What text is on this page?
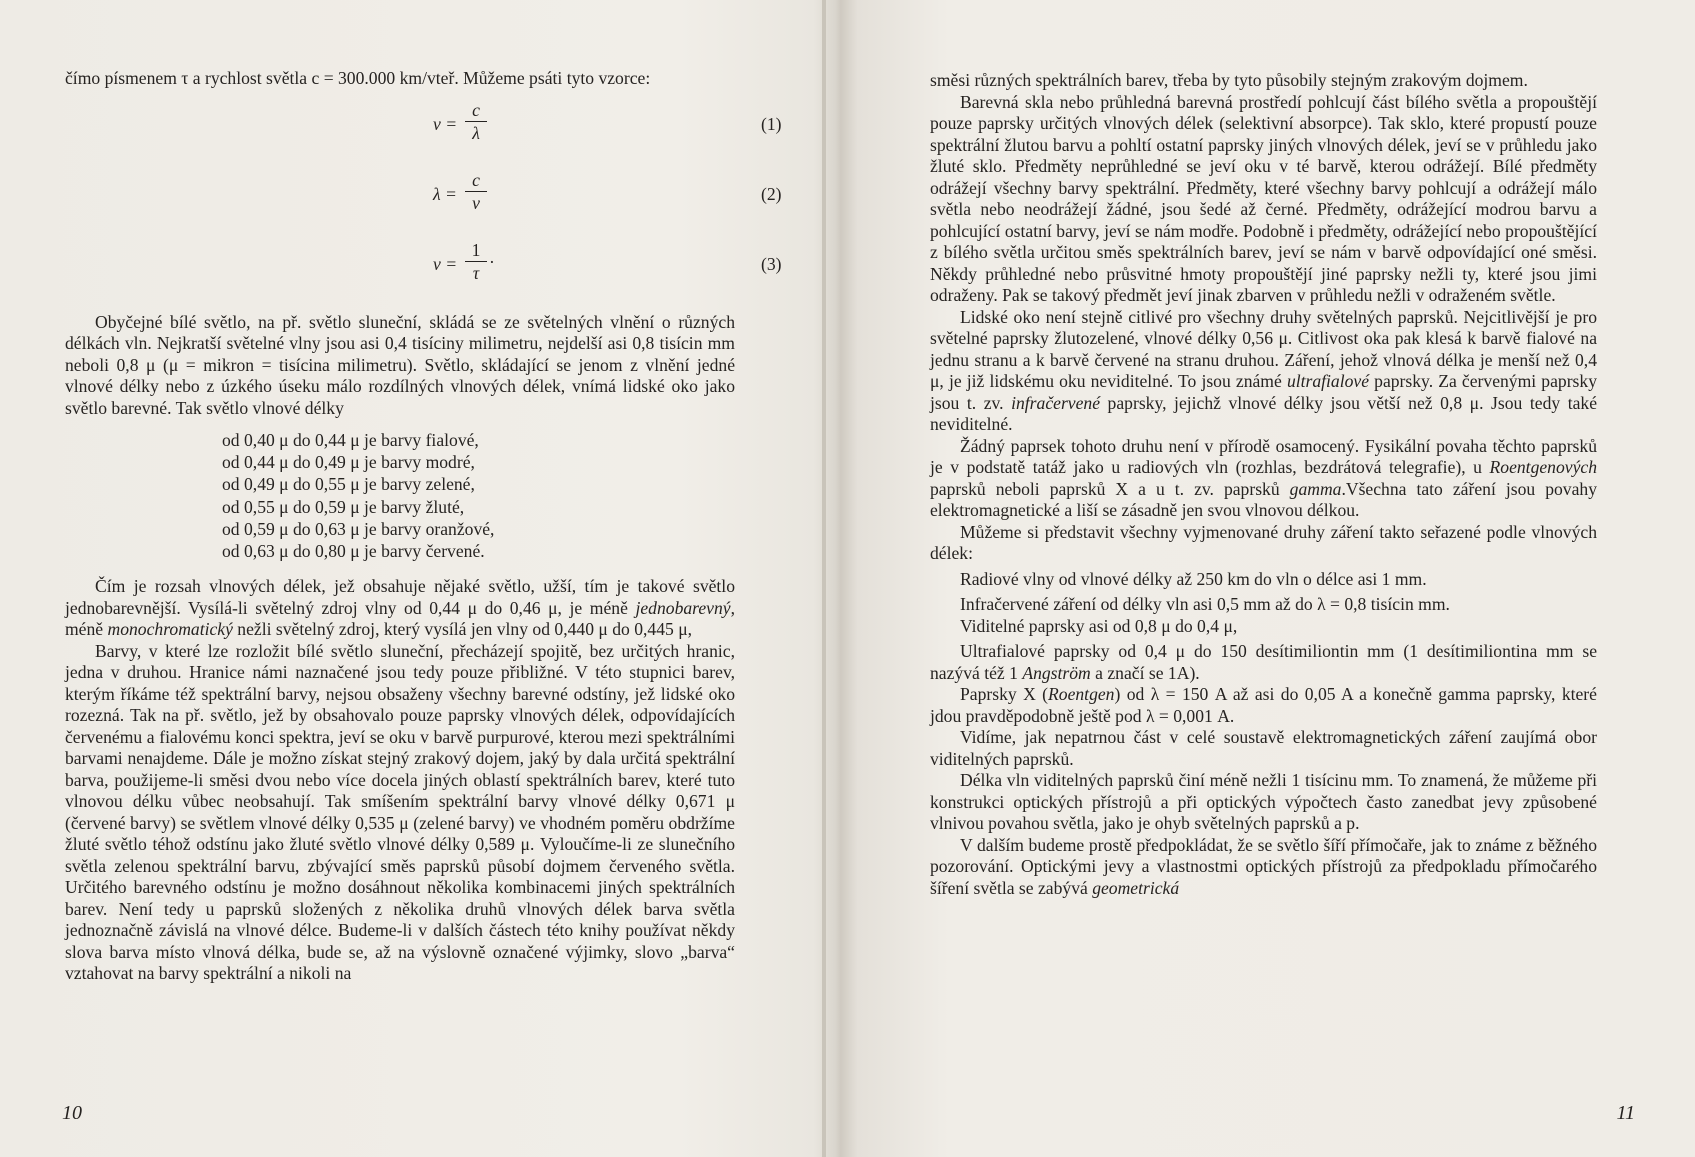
čímo písmenem τ a rychlost světla c = 300.000 km/vteř. Můžeme psáti tyto vzorce:

ν =
c
λ	(1)
λ =
c
ν	(2)
ν =
1
τ
·	(3)

Obyčejné bílé světlo, na př. světlo sluneční, skládá se ze světelných vlnění o různých délkách vln. Nejkratší světelné vlny jsou asi 0,4 tisíciny milimetru, nejdelší asi 0,8 tisícin mm neboli 0,8 μ (μ = mikron = tisícina milimetru). Světlo, skládající se jenom z vlnění jedné vlnové délky nebo z úzkého úseku málo rozdílných vlnových délek, vnímá lidské oko jako světlo barevné. Tak světlo vlnové délky

od 0,40 μ do 0,44 μ je barvy fialové,
od 0,44 μ do 0,49 μ je barvy modré,
od 0,49 μ do 0,55 μ je barvy zelené,
od 0,55 μ do 0,59 μ je barvy žluté,
od 0,59 μ do 0,63 μ je barvy oranžové,
od 0,63 μ do 0,80 μ je barvy červené.

Čím je rozsah vlnových délek, jež obsahuje nějaké světlo, užší, tím je takové světlo jednobarevnější. Vysílá-li světelný zdroj vlny od 0,44 μ do 0,46 μ, je méně jednobarevný, méně monochromatický nežli světelný zdroj, který vysílá jen vlny od 0,440 μ do 0,445 μ,

Barvy, v které lze rozložit bílé světlo sluneční, přecházejí spojitě, bez určitých hranic, jedna v druhou. Hranice námi naznačené jsou tedy pouze přibližné. V této stupnici barev, kterým říkáme též spektrální barvy, nejsou obsaženy všechny barevné odstíny, jež lidské oko rozezná. Tak na př. světlo, jež by obsahovalo pouze paprsky vlnových délek, odpovídajících červenému a fialovému konci spektra, jeví se oku v barvě purpurové, kterou mezi spektrálními barvami nenajdeme. Dále je možno získat stejný zrakový dojem, jaký by dala určitá spektrální barva, použijeme-li směsi dvou nebo více docela jiných oblastí spektrálních barev, které tuto vlnovou délku vůbec neobsahují. Tak smíšením spektrální barvy vlnové délky 0,671 μ (červené barvy) se světlem vlnové délky 0,535 μ (zelené barvy) ve vhodném poměru obdržíme žluté světlo téhož odstínu jako žluté světlo vlnové délky 0,589 μ. Vyloučíme-li ze slunečního světla zelenou spektrální barvu, zbývající směs paprsků působí dojmem červeného světla. Určitého barevného odstínu je možno dosáhnout několika kombinacemi jiných spektrálních barev. Není tedy u paprsků složených z několika druhů vlnových délek barva světla jednoznačně závislá na vlnové délce. Budeme-li v dalších částech této knihy používat někdy slova barva místo vlnová délka, bude se, až na výslovně označené výjimky, slovo „barva“ vztahovat na barvy spektrální a nikoli na

10

směsi různých spektrálních barev, třeba by tyto působily stejným zrakovým dojmem.

Barevná skla nebo průhledná barevná prostředí pohlcují část bílého světla a propouštějí pouze paprsky určitých vlnových délek (selektivní absorpce). Tak sklo, které propustí pouze spektrální žlutou barvu a pohltí ostatní paprsky jiných vlnových délek, jeví se v průhledu jako žluté sklo. Předměty neprůhledné se jeví oku v té barvě, kterou odrážejí. Bílé předměty odrážejí všechny barvy spektrální. Předměty, které všechny barvy pohlcují a odrážejí málo světla nebo neodrážejí žádné, jsou šedé až černé. Předměty, odrážející modrou barvu a pohlcující ostatní barvy, jeví se nám modře. Podobně i předměty, odrážející nebo propouštějící z bílého světla určitou směs spektrálních barev, jeví se nám v barvě odpovídající oné směsi. Někdy průhledné nebo průsvitné hmoty propouštějí jiné paprsky nežli ty, které jsou jimi odraženy. Pak se takový předmět jeví jinak zbarven v průhledu nežli v odraženém světle.

Lidské oko není stejně citlivé pro všechny druhy světelných paprsků. Nejcitlivější je pro světelné paprsky žlutozelené, vlnové délky 0,56 μ. Citlivost oka pak klesá k barvě fialové na jednu stranu a k barvě červené na stranu druhou. Záření, jehož vlnová délka je menší než 0,4 μ, je již lidskému oku neviditelné. To jsou známé ultrafialové paprsky. Za červenými paprsky jsou t. zv. infračervené paprsky, jejichž vlnové délky jsou větší než 0,8 μ. Jsou tedy také neviditelné.

Žádný paprsek tohoto druhu není v přírodě osamocený. Fysikální povaha těchto paprsků je v podstatě tatáž jako u radiových vln (rozhlas, bezdrátová telegrafie), u Roentgenových paprsků neboli paprsků X a u t. zv. paprsků gamma.Všechna tato záření jsou povahy elektromagnetické a liší se zásadně jen svou vlnovou délkou.

Můžeme si představit všechny vyjmenované druhy záření takto seřazené podle vlnových délek:

Radiové vlny od vlnové délky až 250 km do vln o délce asi 1 mm.

Infračervené záření od délky vln asi 0,5 mm až do λ = 0,8 tisícin mm.

Viditelné paprsky asi od 0,8 μ do 0,4 μ,

Ultrafialové paprsky od 0,4 μ do 150 desítimiliontin mm (1 desítimiliontina mm se nazývá též 1 Angström a značí se 1A).

Paprsky X (Roentgen) od λ = 150 A až asi do 0,05 A a konečně gamma paprsky, které jdou pravděpodobně ještě pod λ = 0,001 A.

Vidíme, jak nepatrnou část v celé soustavě elektromagnetických záření zaujímá obor viditelných paprsků.

Délka vln viditelných paprsků činí méně nežli 1 tisícinu mm. To znamená, že můžeme při konstrukci optických přístrojů a při optických výpočtech často zanedbat jevy způsobené vlnivou povahou světla, jako je ohyb světelných paprsků a p.

V dalším budeme prostě předpokládat, že se světlo šíří přímočaře, jak to známe z běžného pozorování. Optickými jevy a vlastnostmi optických přístrojů za předpokladu přímočarého šíření světla se zabývá geometrická

11
